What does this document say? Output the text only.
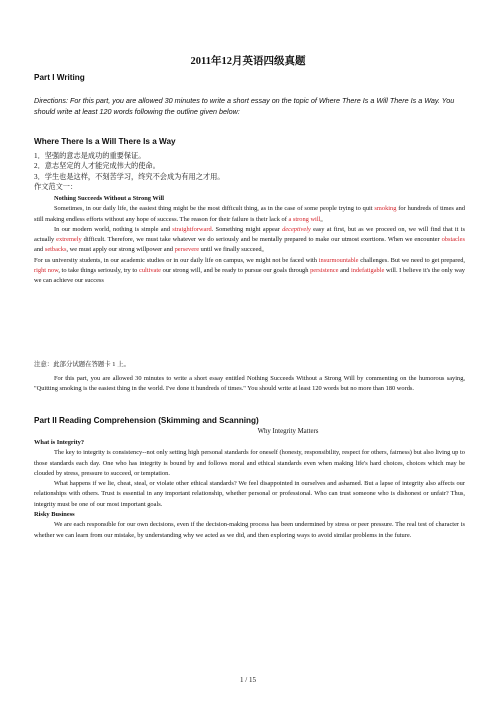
2011年12月英语四级真题
Part I Writing
Directions: For this part, you are allowed 30 minutes to write a short essay on the topic of Where There Is a Will There Is a Way. You should write at least 120 words following the outline given below:
Where There Is a Will There Is a Way
1．坚强的意志是成功的重要保证。
2．意志坚定的人才能完成伟大的使命。
3．学生也是这样，不刻苦学习，终究不会成为有用之才用。
作文范文一：

Nothing Succeeds Without a Strong Will

Sometimes, in our daily life, the easiest thing might be the most difficult thing, as in the case of some people trying to quit smoking for hundreds of times and still making endless efforts without any hope of success. The reason for their failure is their lack of a strong will。

In our modern world, nothing is simple and straightforward. Something might appear deceptively easy at first, but as we proceed on, we will find that it is actually extremely difficult. Therefore, we must take whatever we do seriously and be mentally prepared to make our utmost exertions. When we encounter obstacles and setbacks, we must apply our strong willpower and persevere until we finally succeed。

For us university students, in our academic studies or in our daily life on campus, we might not be faced with insurmountable challenges. But we need to get prepared, right now, to take things seriously, try to cultivate our strong will, and be ready to pursue our goals through persistence and indefatigable will. I believe it's the only way we can achieve our success

注意：此部分试题在答题卡 1 上。

For this part, you are allowed 30 minutes to write a short essay entitled Nothing Succeeds Without a Strong Will by commenting on the humorous saying, "Quitting smoking is the easiest thing in the world. I've done it hundreds of times." You should write at least 120 words but no more than 180 words.

Part II Reading Comprehension (Skimming and Scanning)
Why Integrity Matters

What is Integrity?

The key to integrity is consistency--not only setting high personal standards for oneself (honesty, responsibility, respect for others, fairness) but also living up to those standards each day. One who has integrity is bound by and follows moral and ethical standards even when making life's hard choices, choices which may be clouded by stress, pressure to succeed, or temptation.

What happens if we lie, cheat, steal, or violate other ethical standards? We feel disappointed in ourselves and ashamed. But a lapse of integrity also affects our relationships with others. Trust is essential in any important relationship, whether personal or professional. Who can trust someone who is dishonest or unfair? Thus, integrity must be one of our most important goals.

Risky Business

We are each responsible for our own decisions, even if the decision-making process has been undermined by stress or peer pressure. The real test of character is whether we can learn from our mistake, by understanding why we acted as we did, and then exploring ways to avoid similar problems in the future.

1 / 15
